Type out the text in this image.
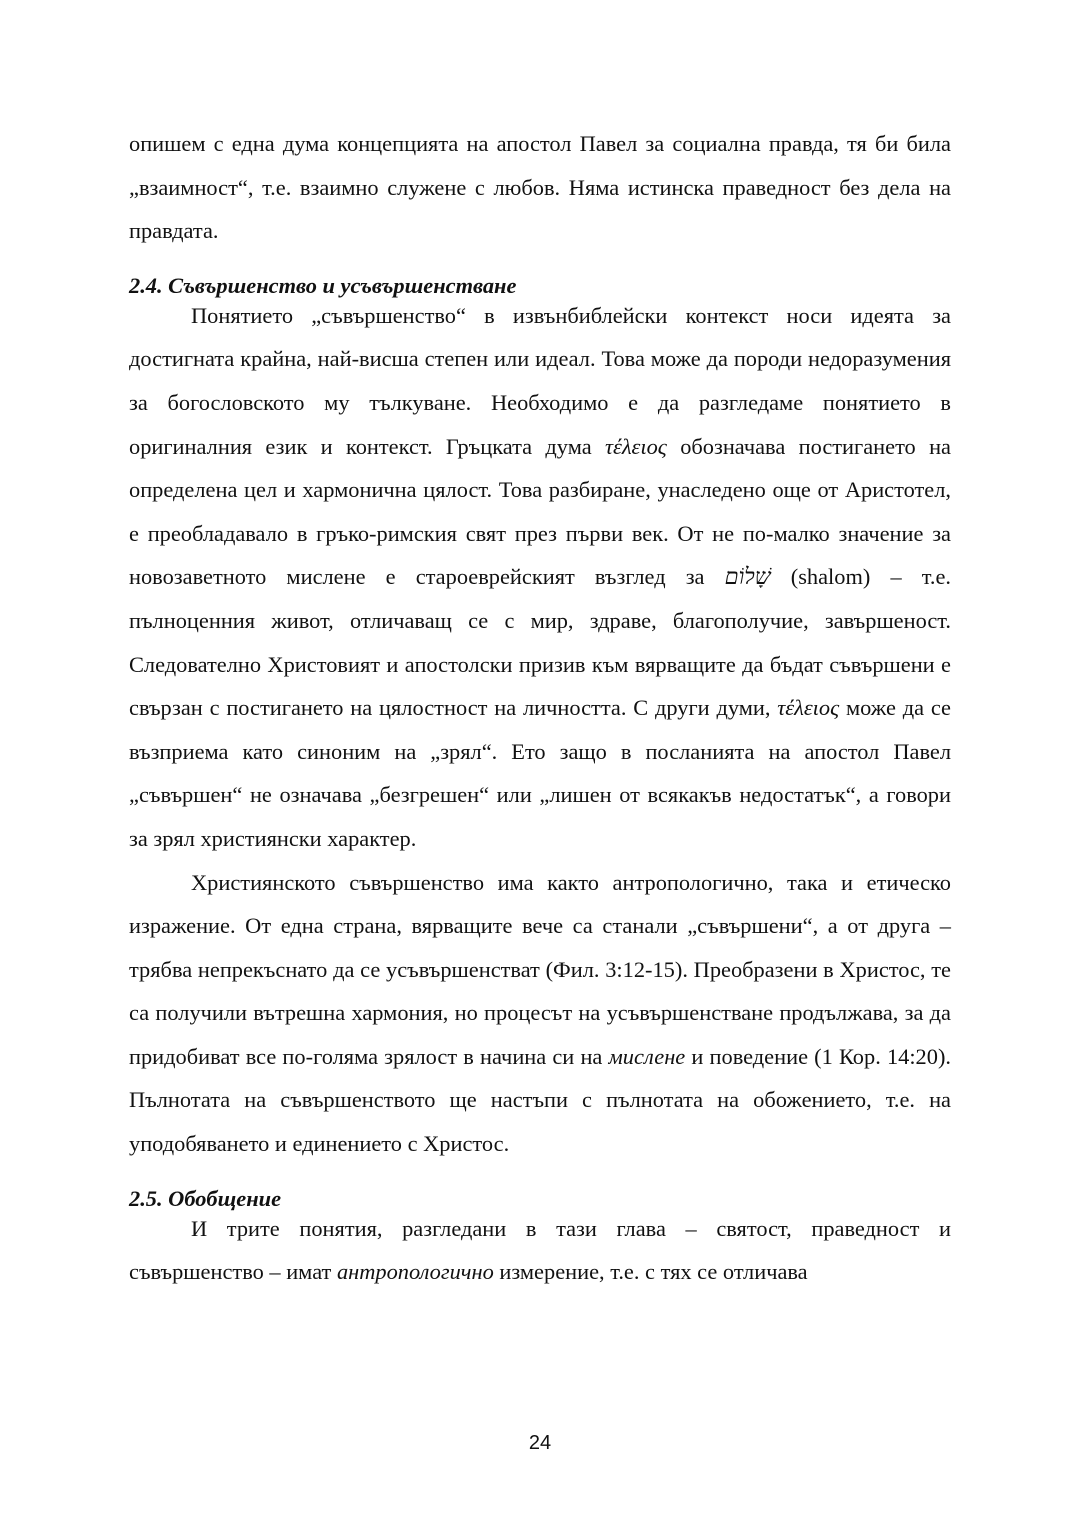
опишем с една дума концепцията на апостол Павел за социална правда, тя би била „взаимност“, т.е. взаимно служене с любов. Няма истинска праведност без дела на правдата.

2.4. Съвършенство и усъвършенстване

Понятието „съвършенство“ в извънбиблейски контекст носи идеята за достигната крайна, най-висша степен или идеал. Това може да породи недоразумения за богословското му тълкуване. Необходимо е да разгледаме понятието в оригиналния език и контекст. Гръцката дума τέλειος обозначава постигането на определена цел и хармонична цялост. Това разбиране, унаследено още от Аристотел, е преобладавало в гръко-римския свят през първи век. От не по-малко значение за новозаветното мислене е староеврейският възглед за שָׁלוֹם (shalom) – т.е. пълноценния живот, отличаващ се с мир, здраве, благополучие, завършеност. Следователно Христовият и апостолски призив към вярващите да бъдат съвършени е свързан с постигането на цялостност на личността. С други думи, τέλειος може да се възприема като синоним на „зрял“. Ето защо в посланията на апостол Павел „съвършен“ не означава „безгрешен“ или „лишен от всякакъв недостатък“, а говори за зрял християнски характер.

Християнското съвършенство има както антропологично, така и етическо изражение. От една страна, вярващите вече са станали „съвършени“, а от друга – трябва непрекъснато да се усъвършенстват (Фил. 3:12-15). Преобразени в Христос, те са получили вътрешна хармония, но процесът на усъвършенстване продължава, за да придобиват все по-голяма зрялост в начина си на мислене и поведение (1 Кор. 14:20). Пълнотата на съвършенството ще настъпи с пълнотата на обожението, т.е. на уподобяването и единението с Христос.

2.5. Обобщение

И трите понятия, разгледани в тази глава – святост, праведност и съвършенство – имат антропологично измерение, т.е. с тях се отличава

24
